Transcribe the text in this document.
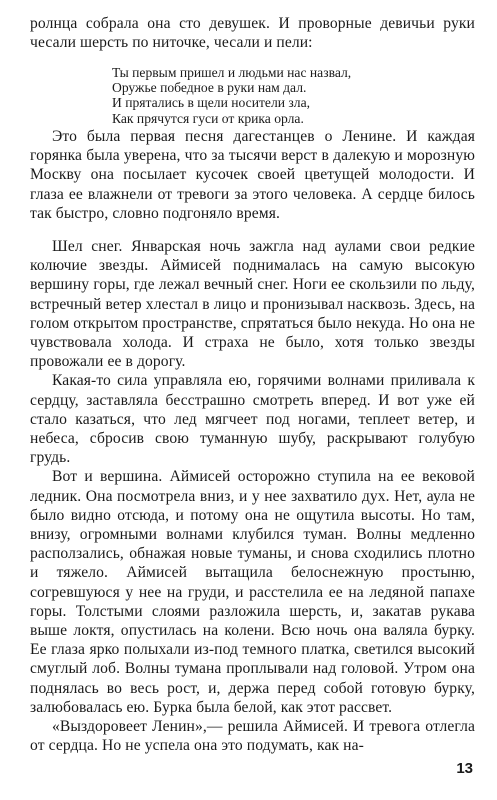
ролнца собрала она сто девушек. И проворные девичьи руки чесали шерсть по ниточке, чесали и пели:

Ты первым пришел и людьми нас назвал,
Оружье победное в руки нам дал.
И прятались в щели носители зла,
Как прячутся гуси от крика орла.

Это была первая песня дагестанцев о Ленине. И каждая горянка была уверена, что за тысячи верст в далекую и морозную Москву она посылает кусочек своей цветущей молодости. И глаза ее влажнели от тревоги за этого человека. А сердце билось так быстро, словно подгоняло время.

Шел снег. Январская ночь зажгла над аулами свои редкие колючие звезды. Аймисей поднималась на самую высокую вершину горы, где лежал вечный снег. Ноги ее скользили по льду, встречный ветер хлестал в лицо и пронизывал насквозь. Здесь, на голом открытом пространстве, спрятаться было некуда. Но она не чувствовала холода. И страха не было, хотя только звезды провожали ее в дорогу.

Какая-то сила управляла ею, горячими волнами приливала к сердцу, заставляла бесстрашно смотреть вперед. И вот уже ей стало казаться, что лед мягчеет под ногами, теплеет ветер, и небеса, сбросив свою туманную шубу, раскрывают голубую грудь.

Вот и вершина. Аймисей осторожно ступила на ее вековой ледник. Она посмотрела вниз, и у нее захватило дух. Нет, аула не было видно отсюда, и потому она не ощутила высоты. Но там, внизу, огромными волнами клубился туман. Волны медленно расползались, обнажая новые туманы, и снова сходились плотно и тяжело. Аймисей вытащила белоснежную простыню, согревшуюся у нее на груди, и расстелила ее на ледяной папахе горы. Толстыми слоями разложила шерсть, и, закатав рукава выше локтя, опустилась на колени. Всю ночь она валяла бурку. Ее глаза ярко полыхали из-под темного платка, светился высокий смуглый лоб. Волны тумана проплывали над головой. Утром она поднялась во весь рост, и, держа перед собой готовую бурку, залюбовалась ею. Бурка была белой, как этот рассвет.

«Выздоровеет Ленин»,— решила Аймисей. И тревога отлегла от сердца. Но не успела она это подумать, как на-

13
